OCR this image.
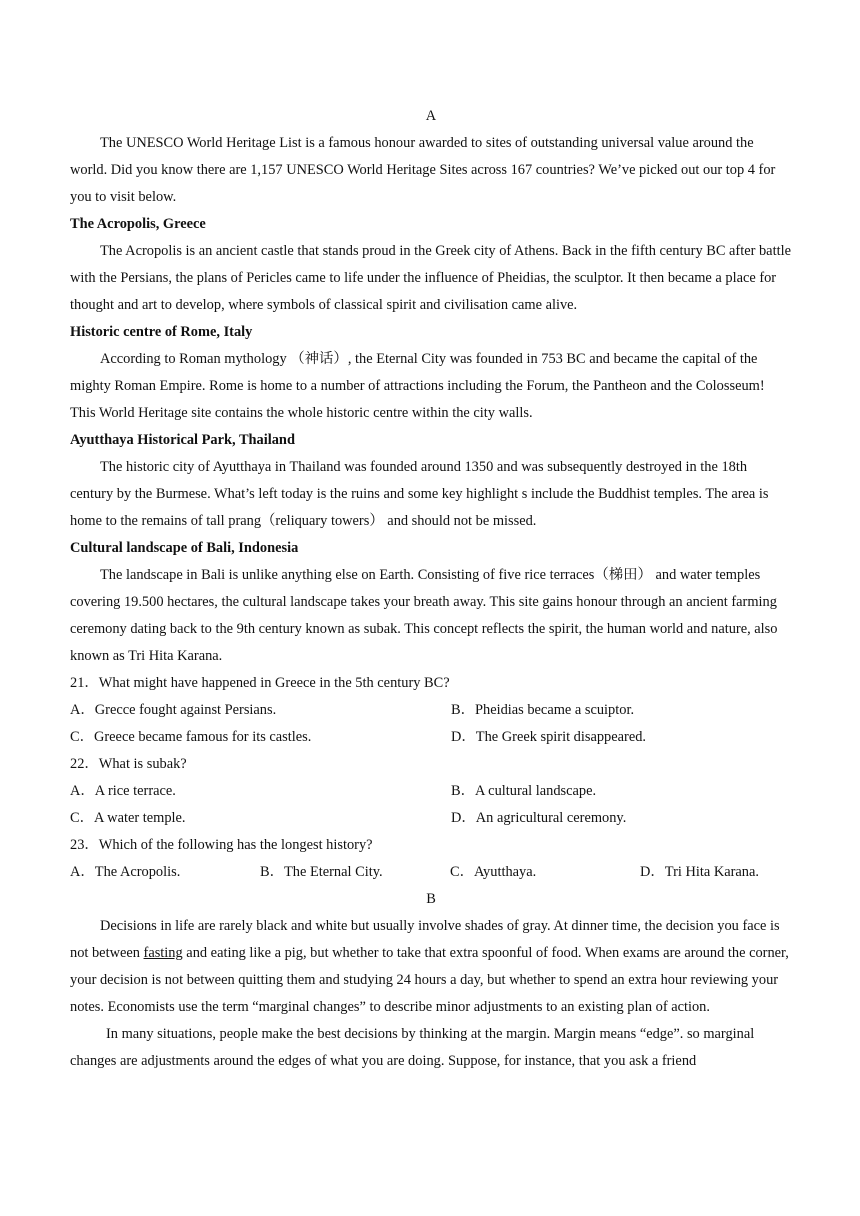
A
The UNESCO World Heritage List is a famous honour awarded to sites of outstanding universal value around the world. Did you know there are 1,157 UNESCO World Heritage Sites across 167 countries? We’ve picked out our top 4 for you to visit below.
The Acropolis, Greece
The Acropolis is an ancient castle that stands proud in the Greek city of Athens. Back in the fifth century BC after battle with the Persians, the plans of Pericles came to life under the influence of Pheidias, the sculptor. It then became a place for thought and art to develop, where symbols of classical spirit and civilisation came alive.
Historic centre of Rome, Italy
According to Roman mythology （神话）, the Eternal City was founded in 753 BC and became the capital of the mighty Roman Empire. Rome is home to a number of attractions including the Forum, the Pantheon and the Colosseum! This World Heritage site contains the whole historic centre within the city walls.
Ayutthaya Historical Park, Thailand
The historic city of Ayutthaya in Thailand was founded around 1350 and was subsequently destroyed in the 18th century by the Burmese. What’s left today is the ruins and some key highlight s include the Buddhist temples. The area is home to the remains of tall prang（reliquary towers） and should not be missed.
Cultural landscape of Bali, Indonesia
The landscape in Bali is unlike anything else on Earth. Consisting of five rice terraces（梯田） and water temples covering 19.500 hectares, the cultural landscape takes your breath away. This site gains honour through an ancient farming ceremony dating back to the 9th century known as subak. This concept reflects the spirit, the human world and nature, also known as Tri Hita Karana.
21．What might have happened in Greece in the 5th century BC?
A．Grecce fought against Persians.	B．Pheidias became a scuiptor.
C．Greece became famous for its castles.	D．The Greek spirit disappeared.
22．What is subak?
A．A rice terrace.	B．A cultural landscape.
C．A water temple.	D．An agricultural ceremony.
23．Which of the following has the longest history?
A．The Acropolis.	B．The Eternal City.	C．Ayutthaya.	D．Tri Hita Karana.
B
Decisions in life are rarely black and white but usually involve shades of gray. At dinner time, the decision you face is not between fasting and eating like a pig, but whether to take that extra spoonful of food. When exams are around the corner, your decision is not between quitting them and studying 24 hours a day, but whether to spend an extra hour reviewing your notes. Economists use the term “marginal changes” to describe minor adjustments to an existing plan of action.
In many situations, people make the best decisions by thinking at the margin. Margin means “edge”. so marginal changes are adjustments around the edges of what you are doing. Suppose, for instance, that you ask a friend
